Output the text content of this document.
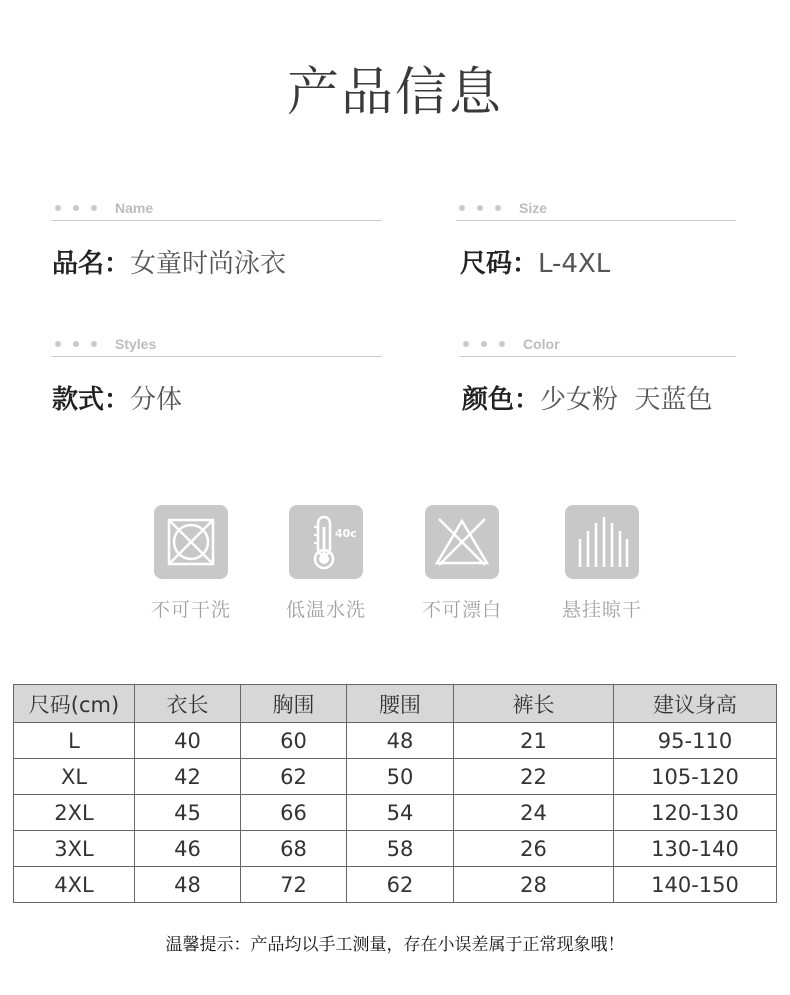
产品信息
Name
品名：女童时尚泳衣
Size
尺码：L-4XL
Styles
款式：分体
Color
颜色：少女粉  天蓝色
不可干洗
40c
低温水洗	不可漂白	悬挂晾干
尺码(cm)	衣长	胸围	腰围	裤长	建议身高
L	40	60	48	21	95-110
XL	42	62	50	22	105-120
2XL	45	66	54	24	120-130
3XL	46	68	58	26	130-140
4XL	48	72	62	28	140-150
温馨提示：产品均以手工测量，存在小误差属于正常现象哦！
